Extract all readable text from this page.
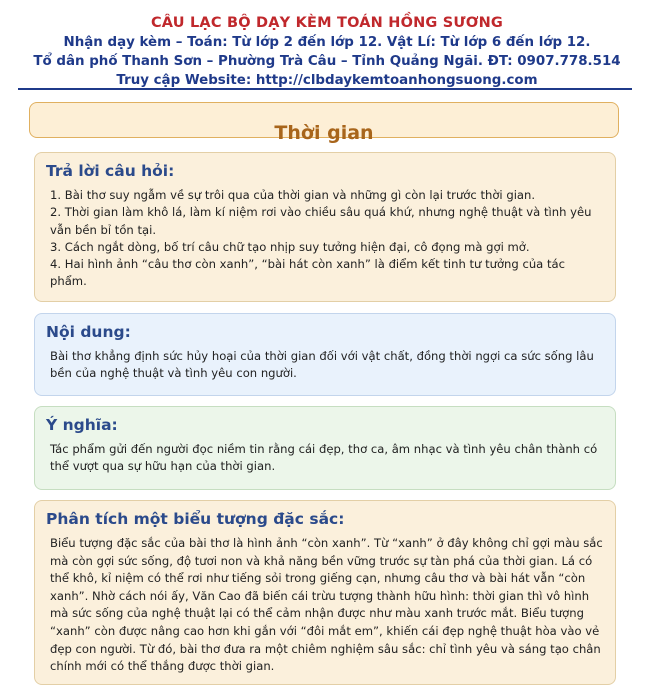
CÂU LẠC BỘ DẠY KÈM TOÁN HỒNG SƯƠNG
Nhận dạy kèm – Toán: Từ lớp 2 đến lớp 12. Vật Lí: Từ lớp 6 đến lớp 12.
Tổ dân phố Thanh Sơn – Phường Trà Câu – Tỉnh Quảng Ngãi. ĐT: 0907.778.514
Truy cập Website: http://clbdaykemtoanhongsuong.com
Thời gian
Trả lời câu hỏi:

1. Bài thơ suy ngẫm về sự trôi qua của thời gian và những gì còn lại trước thời gian.

2. Thời gian làm khô lá, làm kí niệm rơi vào chiều sâu quá khứ, nhưng nghệ thuật và tình yêu vẫn bền bỉ tồn tại.

3. Cách ngắt dòng, bố trí câu chữ tạo nhịp suy tưởng hiện đại, cô đọng mà gợi mở.

4. Hai hình ảnh “câu thơ còn xanh”, “bài hát còn xanh” là điểm kết tinh tư tưởng của tác phẩm.

Nội dung:

Bài thơ khẳng định sức hủy hoại của thời gian đối với vật chất, đồng thời ngợi ca sức sống lâu bền của nghệ thuật và tình yêu con người.

Ý nghĩa:

Tác phẩm gửi đến người đọc niềm tin rằng cái đẹp, thơ ca, âm nhạc và tình yêu chân thành có thể vượt qua sự hữu hạn của thời gian.

Phân tích một biểu tượng đặc sắc:

Biểu tượng đặc sắc của bài thơ là hình ảnh “còn xanh”. Từ “xanh” ở đây không chỉ gợi màu sắc mà còn gợi sức sống, độ tươi non và khả năng bền vững trước sự tàn phá của thời gian. Lá có thể khô, kỉ niệm có thể rơi như tiếng sỏi trong giếng cạn, nhưng câu thơ và bài hát vẫn “còn xanh”. Nhờ cách nói ấy, Văn Cao đã biến cái trừu tượng thành hữu hình: thời gian thì vô hình mà sức sống của nghệ thuật lại có thể cảm nhận được như màu xanh trước mắt. Biểu tượng “xanh” còn được nâng cao hơn khi gắn với “đôi mắt em”, khiến cái đẹp nghệ thuật hòa vào vẻ đẹp con người. Từ đó, bài thơ đưa ra một chiêm nghiệm sâu sắc: chỉ tình yêu và sáng tạo chân chính mới có thể thắng được thời gian.
